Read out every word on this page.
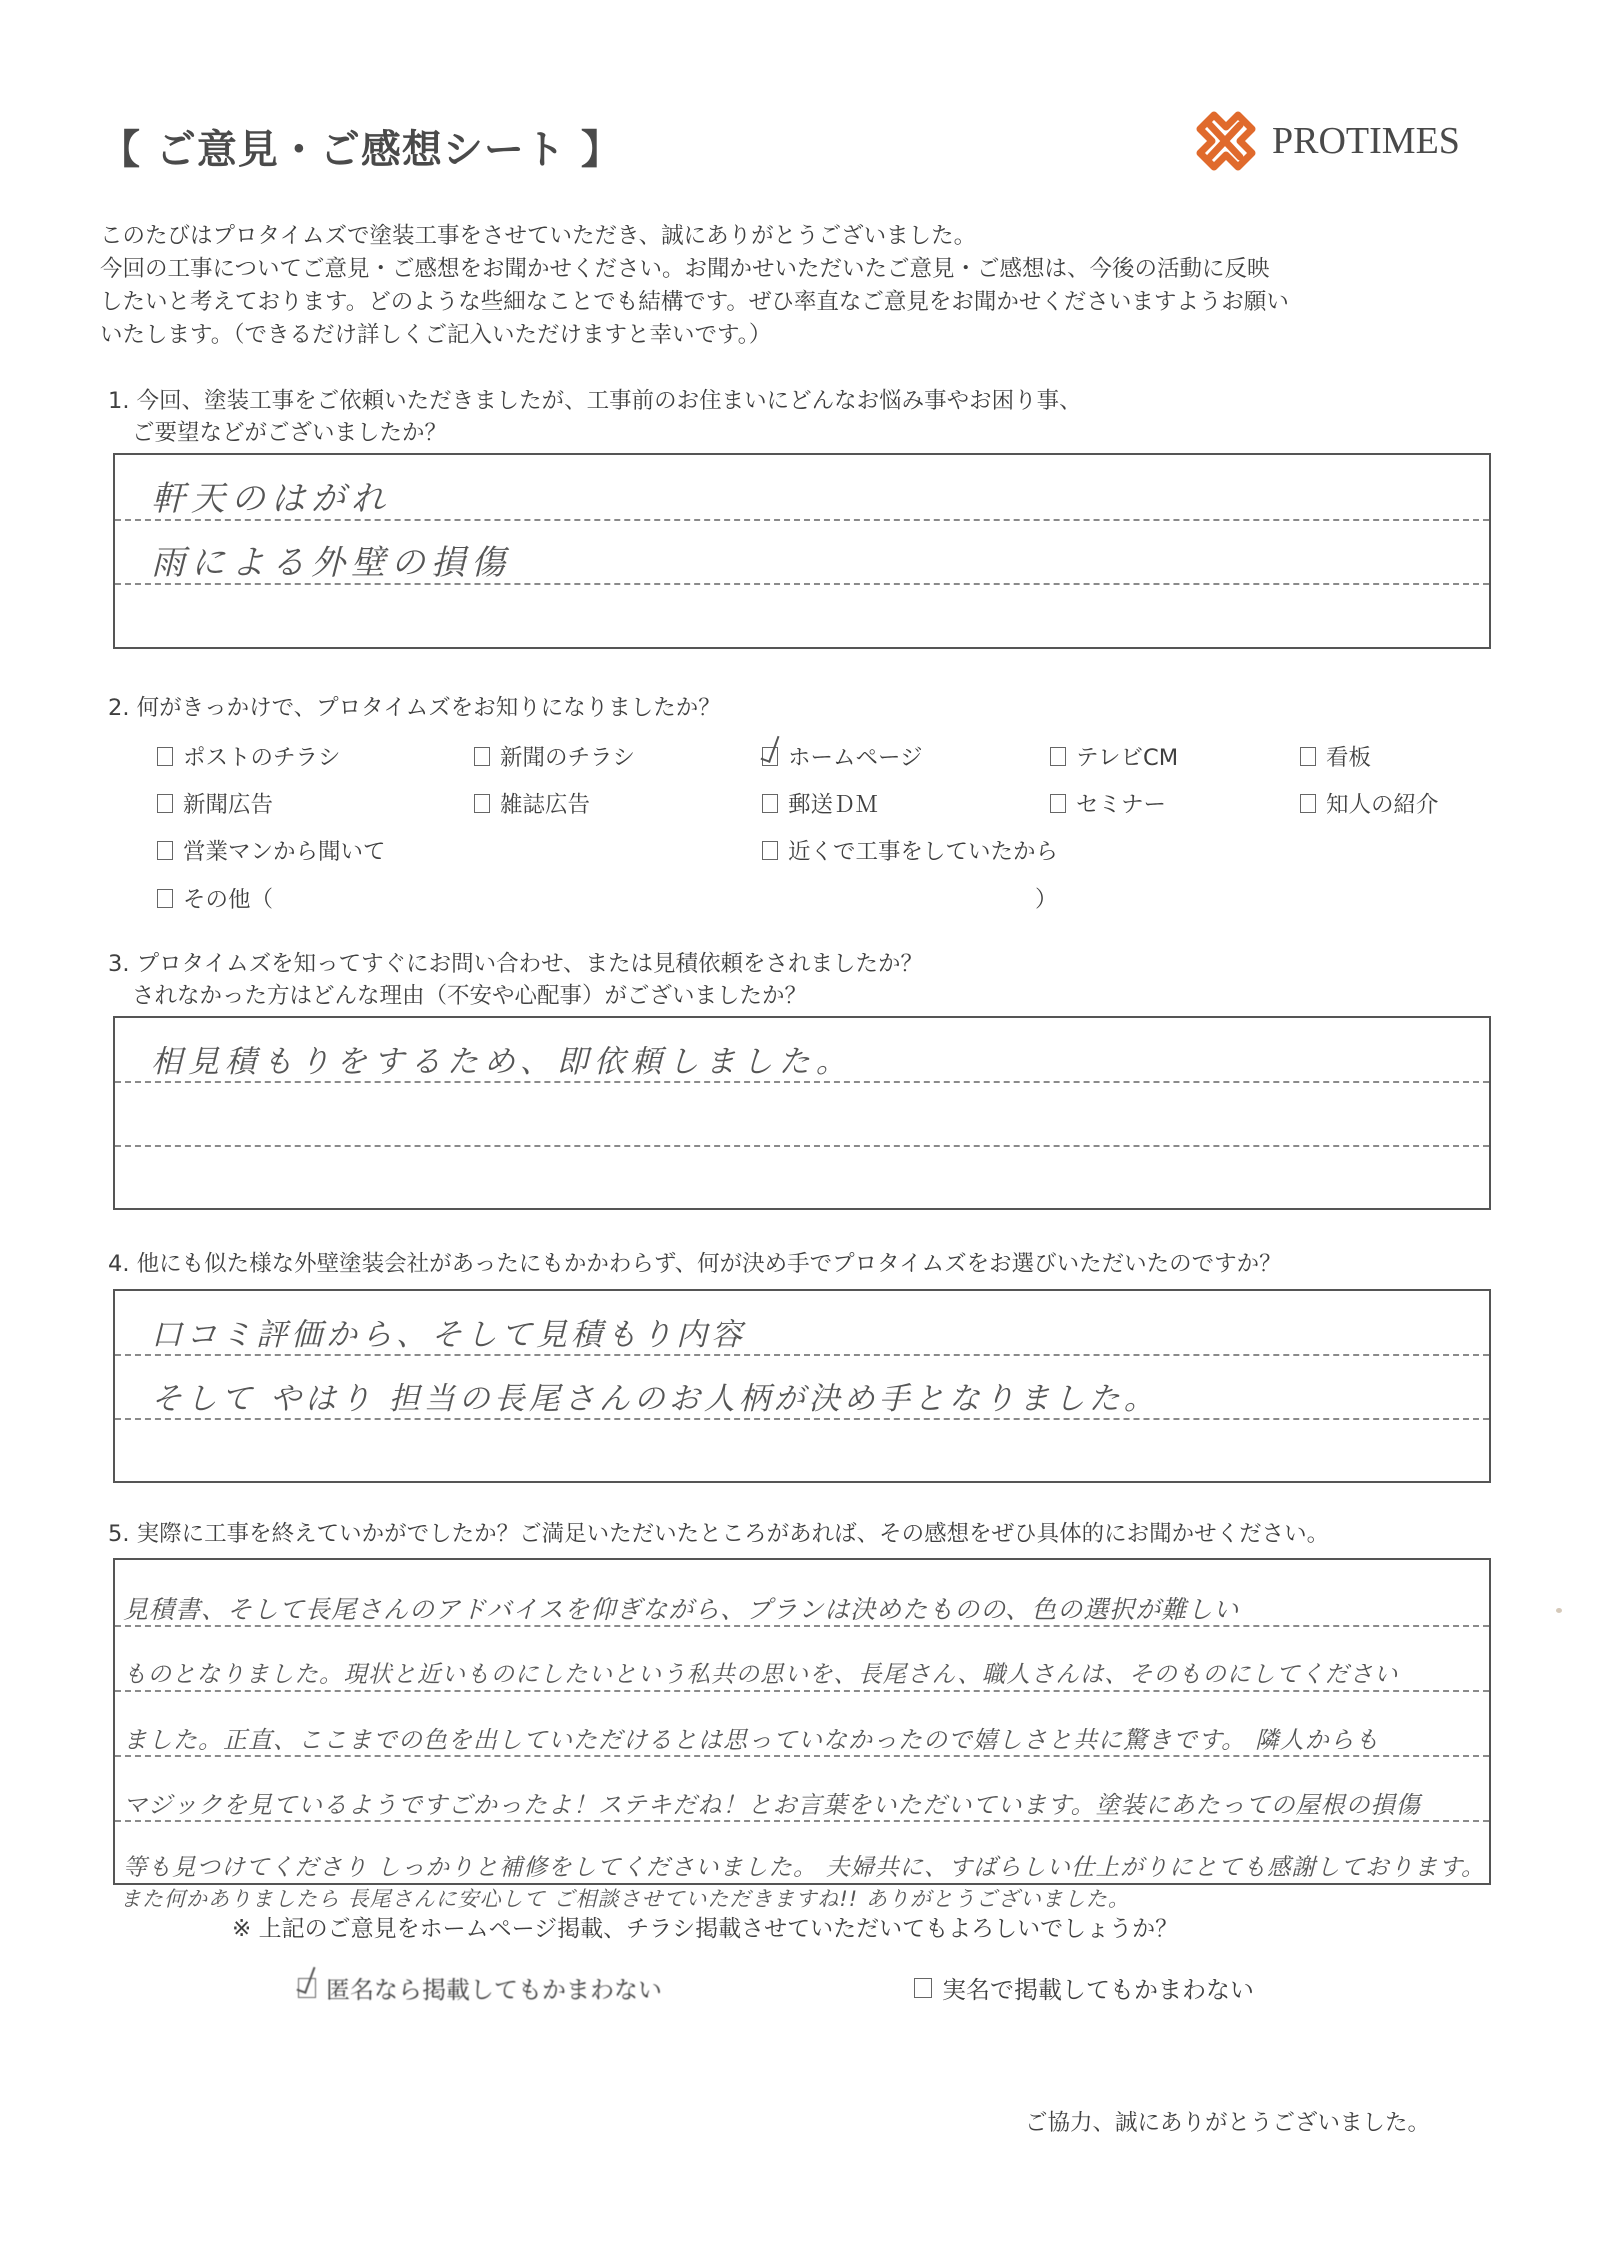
【 ご意見・ご感想シート 】	PROTIMES
このたびはプロタイムズで塗装工事をさせていただき、誠にありがとうございました。
今回の工事についてご意見・ご感想をお聞かせください。お聞かせいただいたご意見・ご感想は、今後の活動に反映
したいと考えております。どのような些細なことでも結構です。ぜひ率直なご意見をお聞かせくださいますようお願い
いたします。（できるだけ詳しくご記入いただけますと幸いです。）
1. 今回、塗装工事をご依頼いただきましたが、工事前のお住まいにどんなお悩み事やお困り事、
ご要望などがございましたか？
軒天のはがれ
雨による外壁の損傷
2. 何がきっかけで、プロタイムズをお知りになりましたか？
ポストのチラシ	新聞のチラシ	ホームページ	テレビCM	看板
新聞広告	雑誌広告	郵送ＤＭ	セミナー	知人の紹介
営業マンから聞いて	近くで工事をしていたから
その他（	）
3. プロタイムズを知ってすぐにお問い合わせ、または見積依頼をされましたか？
されなかった方はどんな理由（不安や心配事）がございましたか？
相見積もりをするため、即依頼しました。
4. 他にも似た様な外壁塗装会社があったにもかかわらず、何が決め手でプロタイムズをお選びいただいたのですか？
口コミ評価から、そして見積もり内容
そして やはり 担当の長尾さんのお人柄が決め手となりました。
5. 実際に工事を終えていかがでしたか？ご満足いただいたところがあれば、その感想をぜひ具体的にお聞かせください。
見積書、そして長尾さんのアドバイスを仰ぎながら、プランは決めたものの、色の選択が難しい
ものとなりました。現状と近いものにしたいという私共の思いを、長尾さん、職人さんは、そのものにしてください
ました。正直、ここまでの色を出していただけるとは思っていなかったので嬉しさと共に驚きです。 隣人からも
マジックを見ているようですごかったよ！ステキだね！とお言葉をいただいています。塗装にあたっての屋根の損傷
等も見つけてくださり しっかりと補修をしてくださいました。 夫婦共に、すばらしい仕上がりにとても感謝しております。
また何かありましたら 長尾さんに安心して ご相談させていただきますね!! ありがとうございました。
※ 上記のご意見をホームページ掲載、チラシ掲載させていただいてもよろしいでしょうか？
匿名なら掲載してもかまわない	実名で掲載してもかまわない
ご協力、誠にありがとうございました。
